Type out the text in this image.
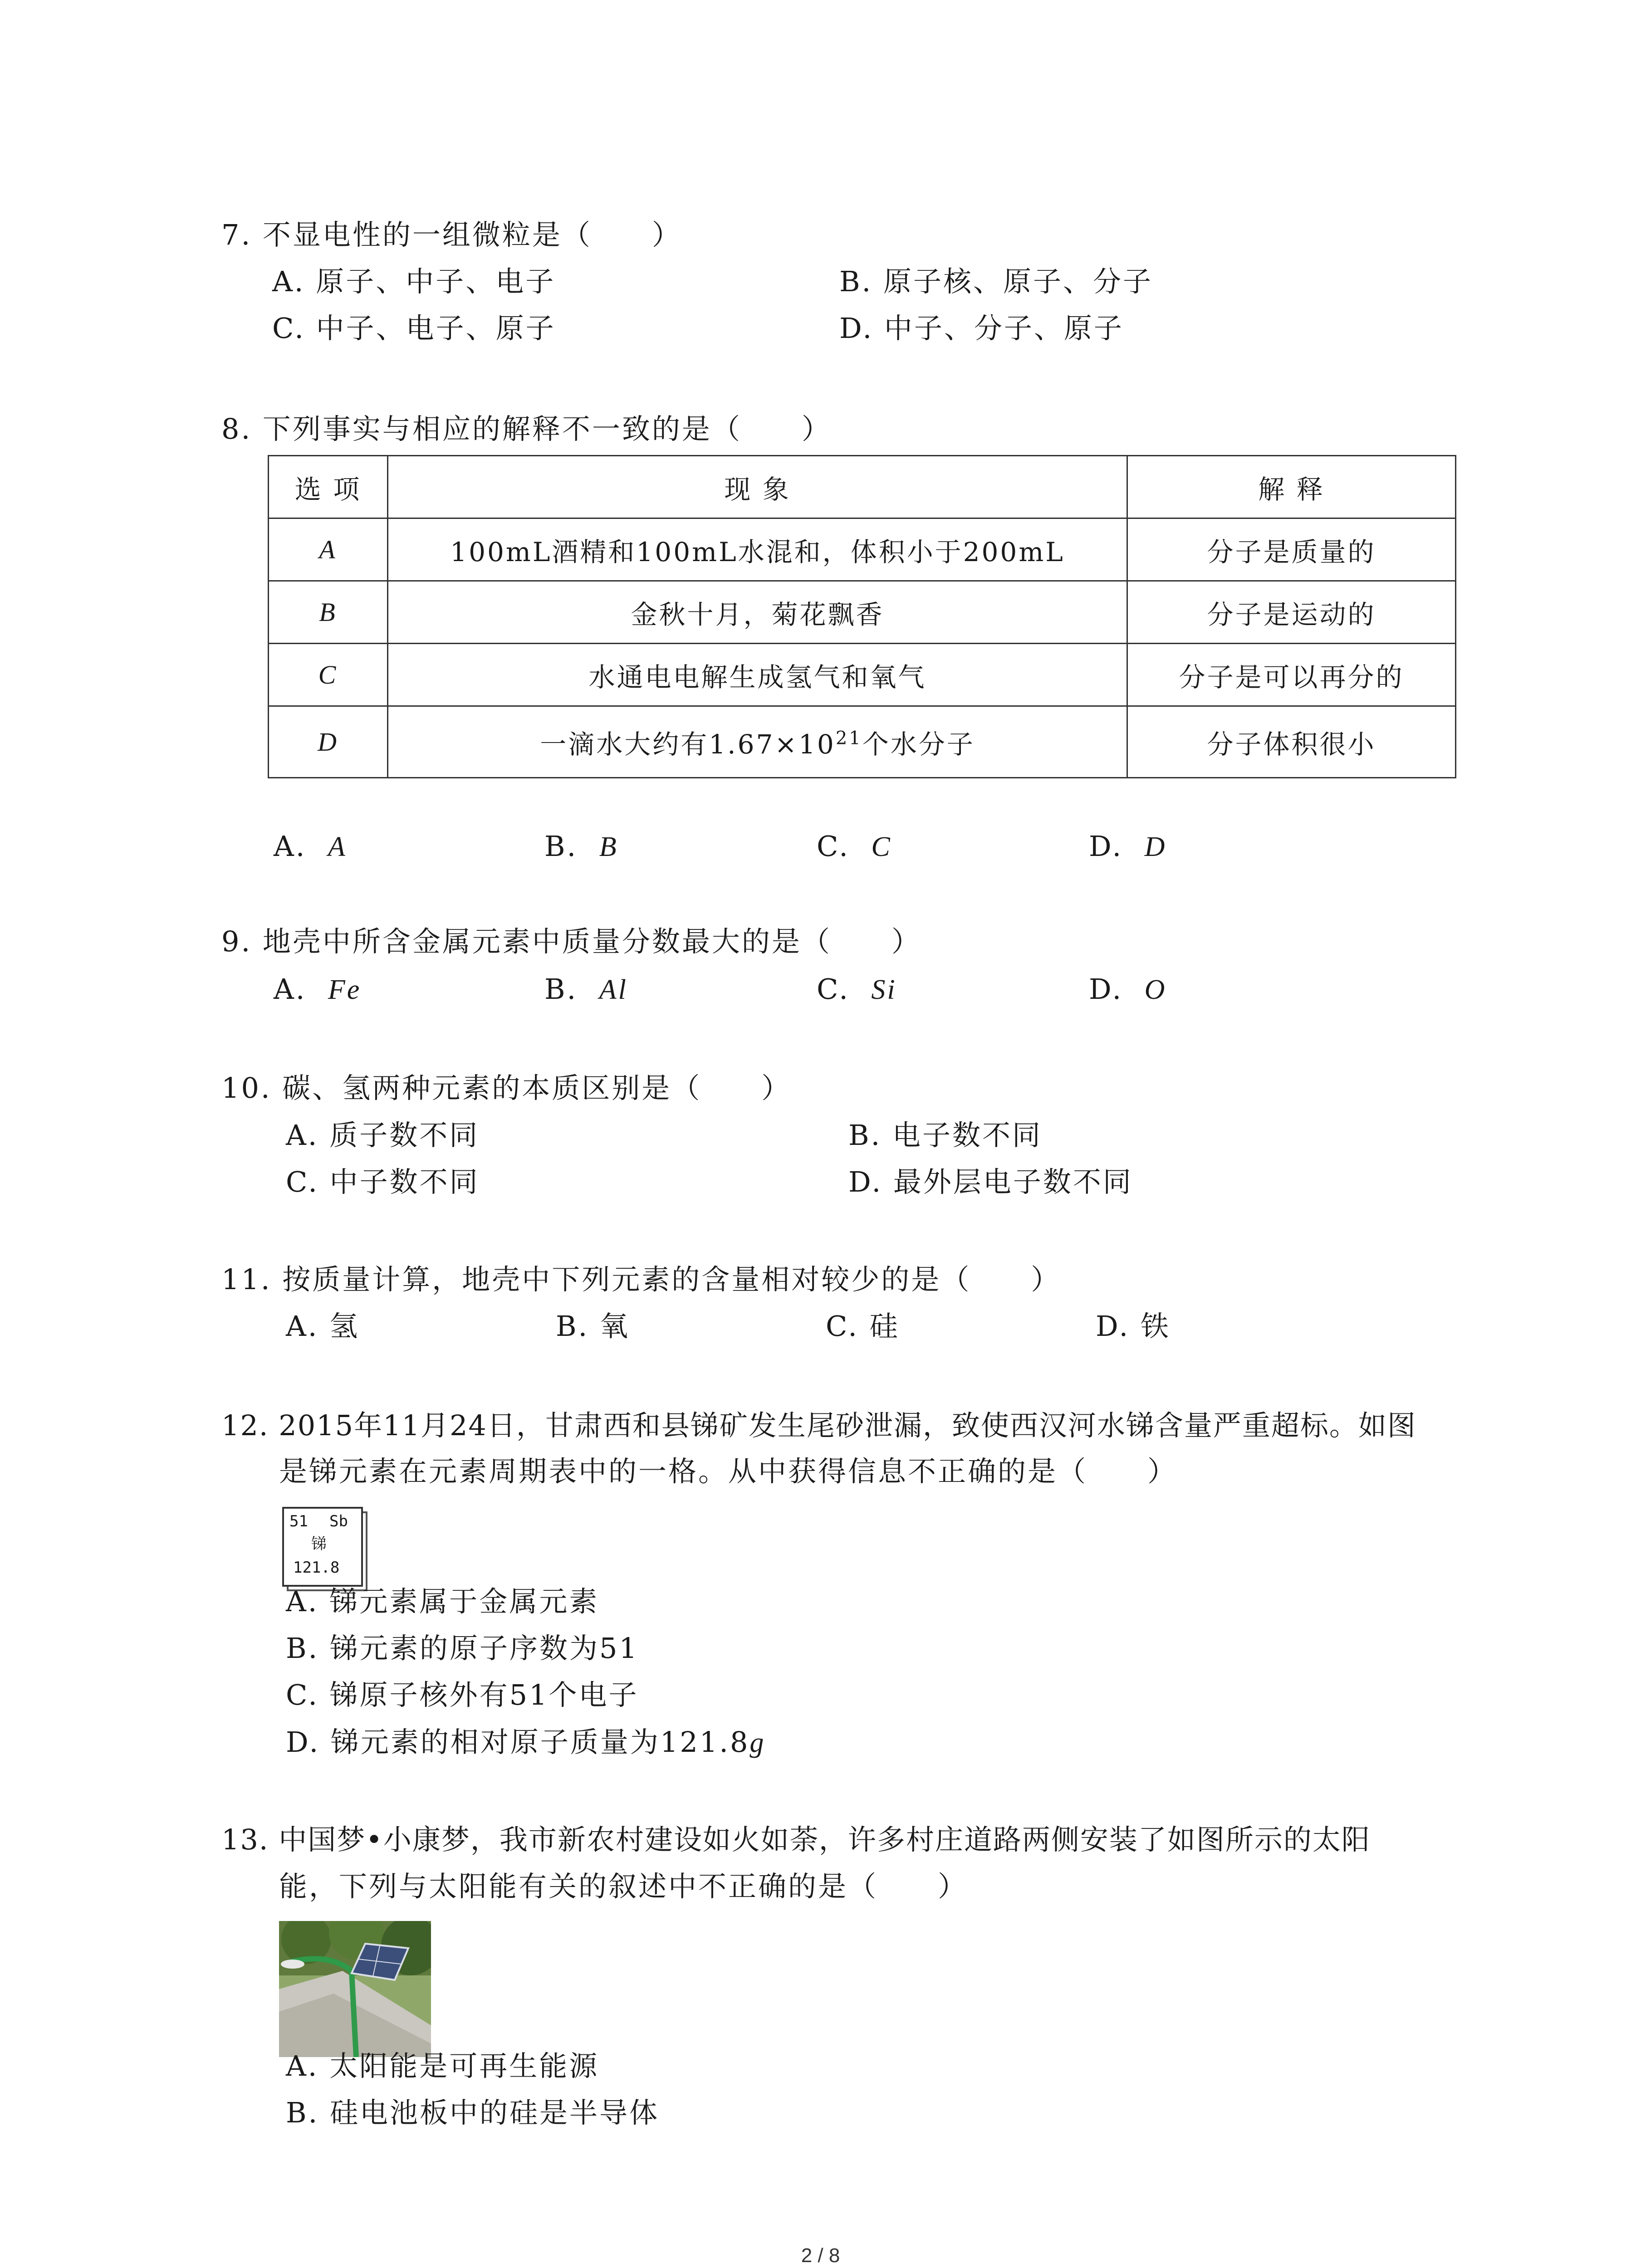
7. 不显电性的一组微粒是（　　）
A. 原子、中子、电子	B. 原子核、原子、分子
C. 中子、电子、原子	D. 中子、分子、原子
8. 下列事实与相应的解释不一致的是（　　）
选 项	现 象	解 释
A	100mL酒精和100mL水混和，体积小于200mL	分子是质量的
B	金秋十月，菊花飘香	分子是运动的
C	水通电电解生成氢气和氧气	分子是可以再分的
D	一滴水大约有$1.67\times 10^{21}$个水分子	分子体积很小
A. A	B. B	C. C	D. D
9. 地壳中所含金属元素中质量分数最大的是（　　）
A. Fe	B. Al	C. Si	D. O
10. 碳、氢两种元素的本质区别是（　　）
A. 质子数不同	B. 电子数不同
C. 中子数不同	D. 最外层电子数不同
11. 按质量计算，地壳中下列元素的含量相对较少的是（　　）
A. 氢	B. 氧	C. 硅	D. 铁
12. 2015年11月24日，甘肃西和县锑矿发生尾砂泄漏，致使西汉河水锑含量严重超标。如图
是锑元素在元素周期表中的一格。从中获得信息不正确的是（　　）
51 Sb
锑
121.8
A. 锑元素属于金属元素
B. 锑元素的原子序数为51
C. 锑原子核外有51个电子
D. 锑元素的相对原子质量为121.8g
13. 中国梦•小康梦，我市新农村建设如火如荼，许多村庄道路两侧安装了如图所示的太阳
能，下列与太阳能有关的叙述中不正确的是（　　）
A. 太阳能是可再生能源
B. 硅电池板中的硅是半导体
2 / 8
